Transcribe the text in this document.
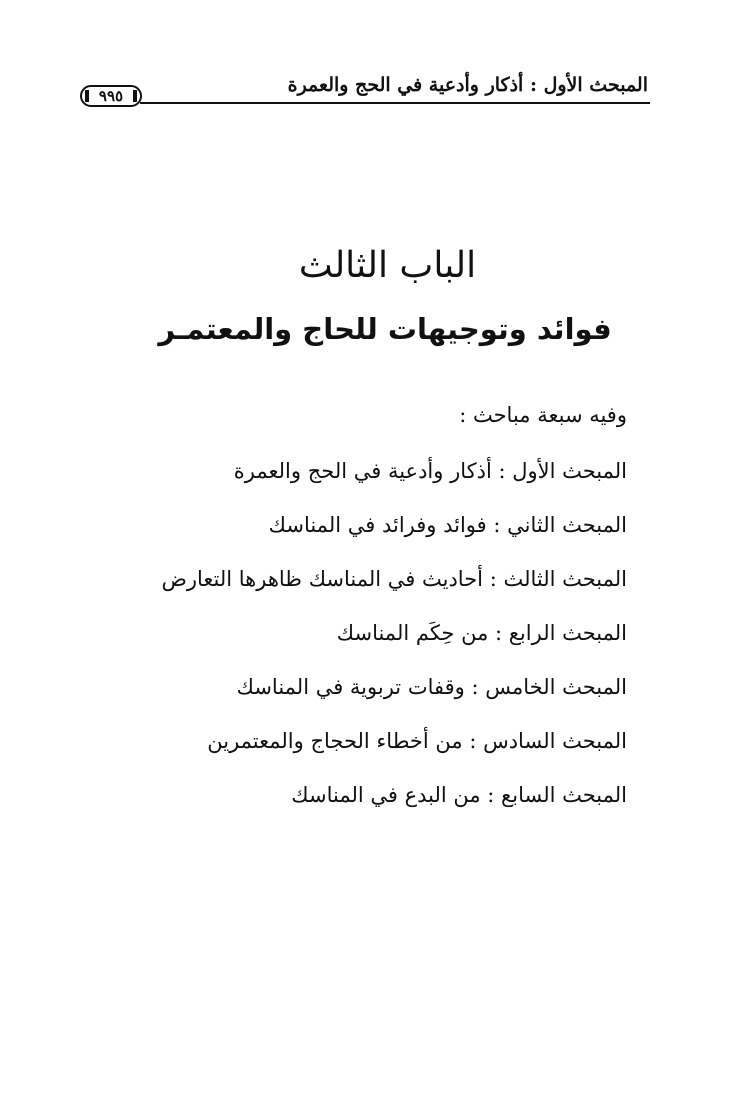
المبحث الأول : أذكار وأدعية في الحج والعمرة
٩٩٥
الباب الثالث
فوائد وتوجيهات للحاج والمعتمـر
وفيه سبعة مباحث :
المبحث الأول : أذكار وأدعية في الحج والعمرة
المبحث الثاني : فوائد وفرائد في المناسك
المبحث الثالث : أحاديث في المناسك ظاهرها التعارض
المبحث الرابع : من حِكَم المناسك
المبحث الخامس : وقفات تربوية في المناسك
المبحث السادس : من أخطاء الحجاج والمعتمرين
المبحث السابع : من البدع في المناسك
